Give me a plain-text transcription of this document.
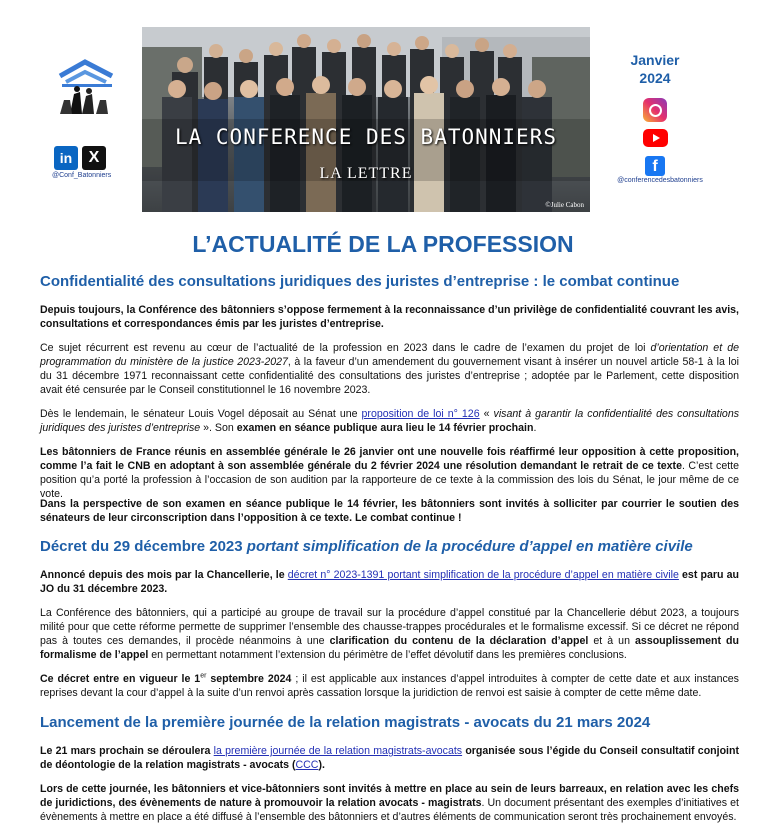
in	X
@Conf_Batonniers
LA CONFERENCE DES BATONNIERS
LA LETTRE
©Julie Cabon
Janvier
2024
f
@conferencedesbatonniers
L’ACTUALITÉ DE LA PROFESSION
Confidentialité des consultations juridiques des juristes d’entreprise : le combat continue
Depuis toujours, la Conférence des bâtonniers s’oppose fermement à la reconnaissance d’un privilège de confidentialité couvrant les avis, consultations et correspondances émis par les juristes d’entreprise.
Ce sujet récurrent est revenu au cœur de l’actualité de la profession en 2023 dans le cadre de l’examen du projet de loi d’orientation et de programmation du ministère de la justice 2023-2027, à la faveur d’un amendement du gouvernement visant à insérer un nouvel article 58-1 à la loi du 31 décembre 1971 reconnaissant cette confidentialité des consultations des juristes d’entreprise ; adoptée par le Parlement, cette disposition avait été censurée par le Conseil constitutionnel le 16 novembre 2023.
Dès le lendemain, le sénateur Louis Vogel déposait au Sénat une proposition de loi n° 126 « visant à garantir la confidentialité des consultations juridiques des juristes d’entreprise ». Son examen en séance publique aura lieu le 14 février prochain.
Les bâtonniers de France réunis en assemblée générale le 26 janvier ont une nouvelle fois réaffirmé leur opposition à cette proposition, comme l’a fait le CNB en adoptant à son assemblée générale du 2 février 2024 une résolution demandant le retrait de ce texte. C’est cette position qu’a porté la profession à l’occasion de son audition par la rapporteure de ce texte à la commission des lois du Sénat, le jour même de ce vote.
Dans la perspective de son examen en séance publique le 14 février, les bâtonniers sont invités à solliciter par courrier le soutien des sénateurs de leur circonscription dans l’opposition à ce texte. Le combat continue !
Décret du 29 décembre 2023 portant simplification de la procédure d’appel en matière civile
Annoncé depuis des mois par la Chancellerie, le décret n° 2023-1391 portant simplification de la procédure d’appel en matière civile est paru au JO du 31 décembre 2023.
La Conférence des bâtonniers, qui a participé au groupe de travail sur la procédure d’appel constitué par la Chancellerie début 2023, a toujours milité pour que cette réforme permette de supprimer l’ensemble des chausse-trappes procédurales et le formalisme excessif. Si ce décret ne répond pas à toutes ces demandes, il procède néanmoins à une clarification du contenu de la déclaration d’appel et à un assouplissement du formalisme de l’appel en permettant notamment l’extension du périmètre de l’effet dévolutif dans les premières conclusions.
Ce décret entre en vigueur le 1er septembre 2024 ; il est applicable aux instances d’appel introduites à compter de cette date et aux instances reprises devant la cour d’appel à la suite d’un renvoi après cassation lorsque la juridiction de renvoi est saisie à compter de cette même date.
Lancement de la première journée de la relation magistrats - avocats du 21 mars 2024
Le 21 mars prochain se déroulera la première journée de la relation magistrats-avocats organisée sous l’égide du Conseil consultatif conjoint de déontologie de la relation magistrats - avocats (CCC).
Lors de cette journée, les bâtonniers et vice-bâtonniers sont invités à mettre en place au sein de leurs barreaux, en relation avec les chefs de juridictions, des évènements de nature à promouvoir la relation avocats - magistrats. Un document présentant des exemples d’initiatives et évènements à mettre en place a été diffusé à l’ensemble des bâtonniers et d’autres éléments de communication seront très prochainement envoyés.
